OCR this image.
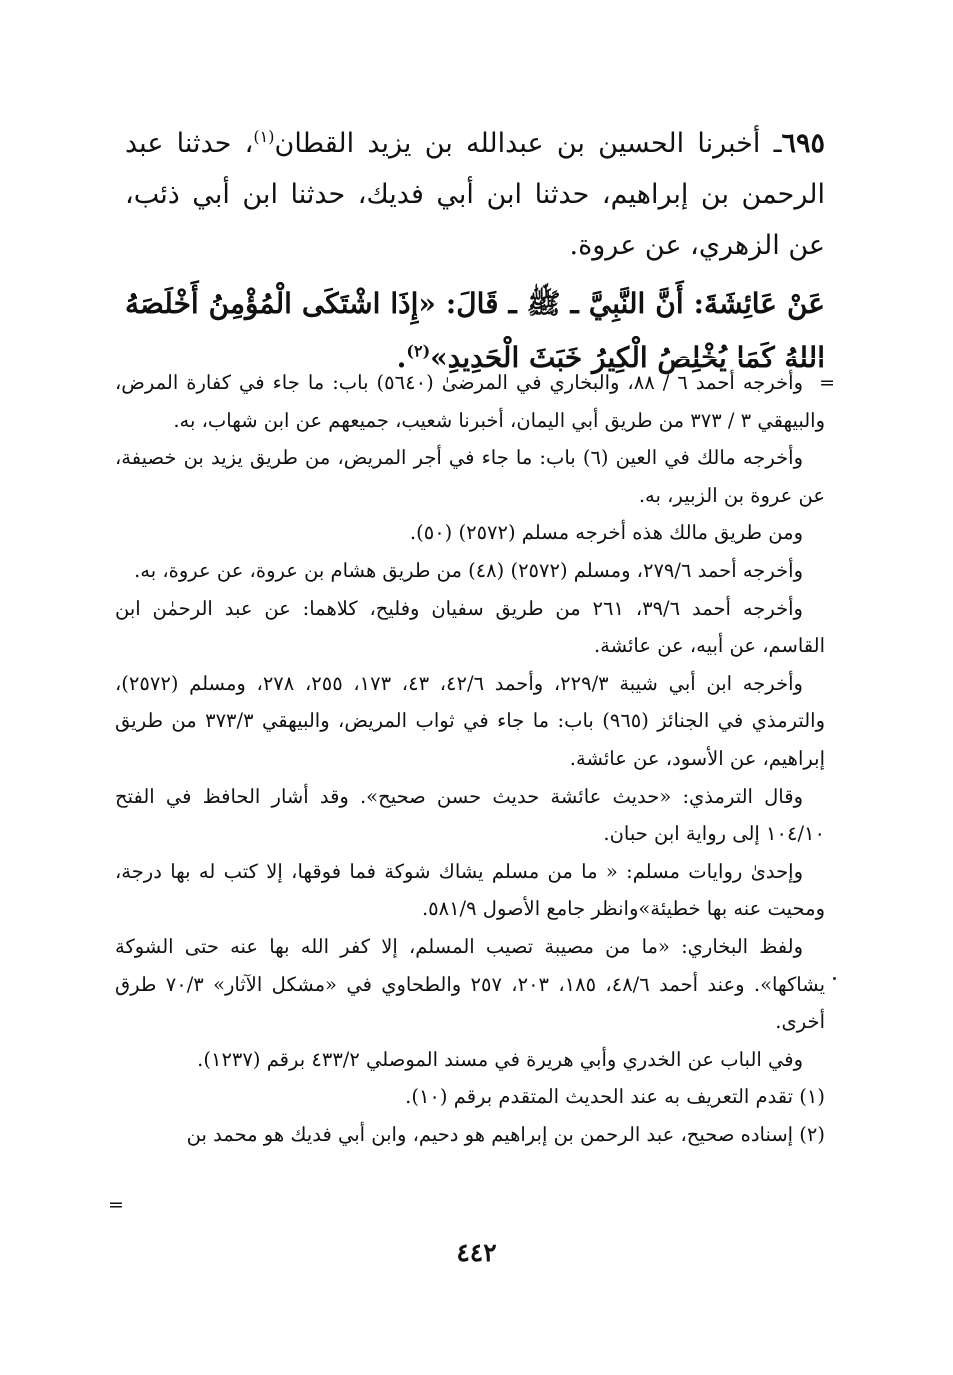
٦٩٥ـ أخبرنا الحسين بن عبدالله بن يزيد القطان$^{(١)}$، حدثنا عبد الرحمن بن إبراهيم، حدثنا ابن أبي فديك، حدثنا ابن أبي ذئب، عن الزهري، عن عروة.

عَنْ عَائِشَةَ: أَنَّ النَّبِيَّ ـ ﷺ ـ قَالَ: «إِذَا اشْتَكَى الْمُؤْمِنُ أَخْلَصَهُ اللهُ كَمَا يُخْلِصُ الْكِيرُ خَبَثَ الْحَدِيدِ»$^{(٢)}$.

=

وأخرجه أحمد ٦ / ٨٨، والبخاري في المرضىٰ (٥٦٤٠) باب: ما جاء في كفارة المرض، والبيهقي ٣ / ٣٧٣ من طريق أبي اليمان، أخبرنا شعيب، جميعهم عن ابن شهاب، به.

وأخرجه مالك في العين (٦) باب: ما جاء في أجر المريض، من طريق يزيد بن خصيفة، عن عروة بن الزبير، به.

ومن طريق مالك هذه أخرجه مسلم (٢٥٧٢) (٥٠).

وأخرجه أحمد ٢٧٩/٦، ومسلم (٢٥٧٢) (٤٨) من طريق هشام بن عروة، عن عروة، به.

وأخرجه أحمد ٣٩/٦، ٢٦١ من طريق سفيان وفليح، كلاهما: عن عبد الرحمٰن ابن القاسم، عن أبيه، عن عائشة.

وأخرجه ابن أبي شيبة ٢٢٩/٣، وأحمد ٤٢/٦، ٤٣، ١٧٣، ٢٥٥، ٢٧٨، ومسلم (٢٥٧٢)، والترمذي في الجنائز (٩٦٥) باب: ما جاء في ثواب المريض، والبيهقي ٣٧٣/٣ من طريق إبراهيم، عن الأسود، عن عائشة.

وقال الترمذي: «حديث عائشة حديث حسن صحيح». وقد أشار الحافظ في الفتح ١٠٤/١٠ إلى رواية ابن حبان.

وإحدىٰ روايات مسلم: « ما من مسلم يشاك شوكة فما فوقها، إلا كتب له بها درجة، ومحيت عنه بها خطيئة»وانظر جامع الأصول ٥٨١/٩.

ولفظ البخاري: «ما من مصيبة تصيب المسلم، إلا كفر الله بها عنه حتى الشوكة يشاكها». وعند أحمد ٤٨/٦، ١٨٥، ٢٠٣، ٢٥٧ والطحاوي في «مشكل الآثار» ٧٠/٣ طرق أخرى.

وفي الباب عن الخدري وأبي هريرة في مسند الموصلي ٤٣٣/٢ برقم (١٢٣٧).

(١) تقدم التعريف به عند الحديث المتقدم برقم (١٠).

(٢) إسناده صحيح، عبد الرحمن بن إبراهيم هو دحيم، وابن أبي فديك هو محمد بن

=
٤٤٢
